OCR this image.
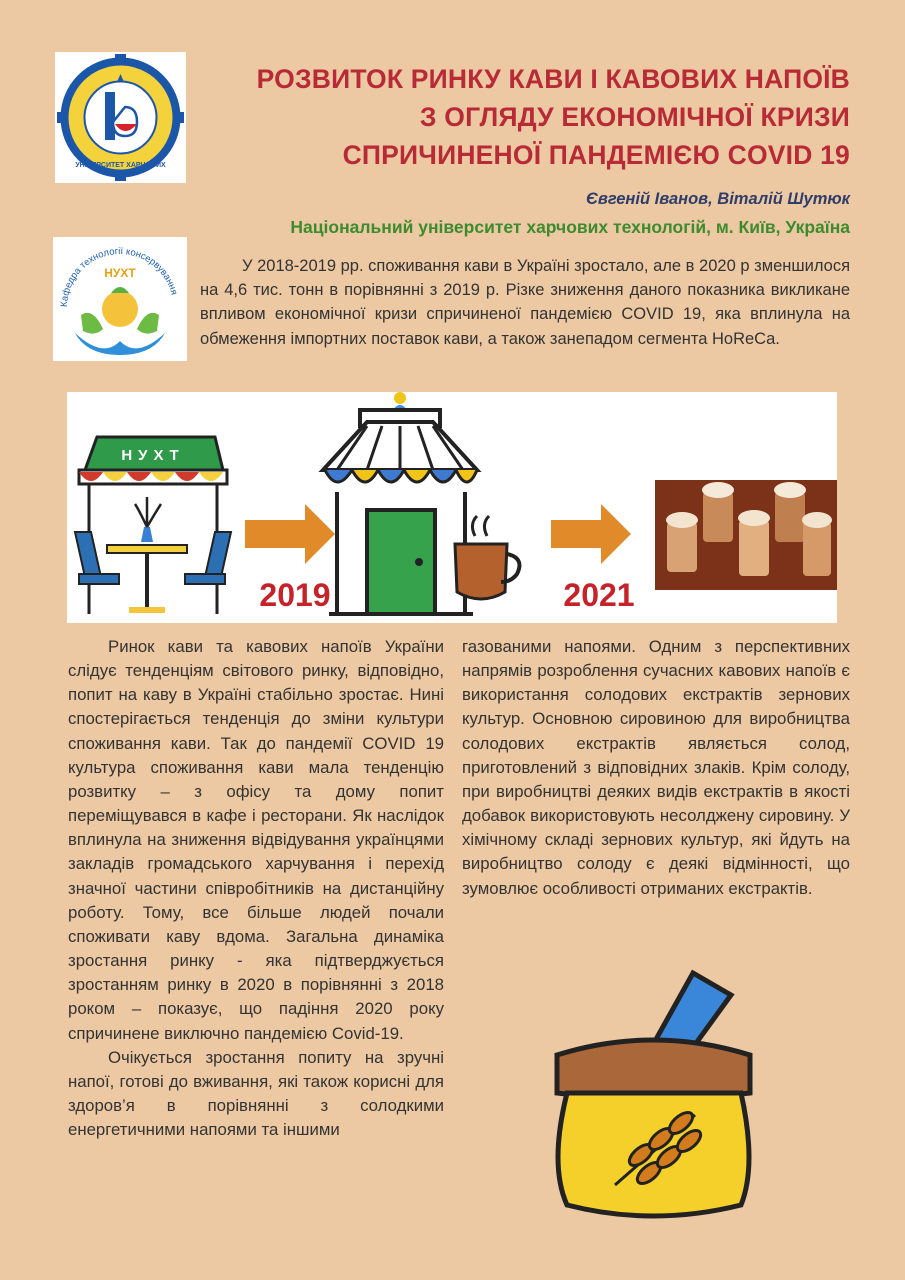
УНІВЕРСИТЕТ ХАРЧОВИХ
РОЗВИТОК РИНКУ КАВИ І КАВОВИХ НАПОЇВ
З ОГЛЯДУ ЕКОНОМІЧНОЇ КРИЗИ
СПРИЧИНЕНОЇ ПАНДЕМІЄЮ COVID 19
Євгеній Іванов, Віталій Шутюк
Національний університет харчових технологій, м. Київ, Україна
Кафедра технології консервування
НУХТ	У 2018-2019 рр. споживання кави в Україні зростало, але в 2020 р зменшилося на 4,6 тис. тонн в порівнянні з 2019 р. Різке зниження даного показника викликане впливом економічної кризи спричиненої пандемією COVID 19, яка вплинула на обмеження імпортних поставок кави, а також занепадом сегмента HoReCa.
НУХТ
2019	2021

Ринок кави та кавових напоїв України слідує тенденціям світового ринку, відповідно, попит на каву в Україні стабільно зростає. Нині спостерігається тенденція до зміни культури споживання кави. Так до пандемії COVID 19 культура споживання кави мала тенденцію розвитку – з офісу та дому попит переміщувався в кафе і ресторани. Як наслідок вплинула на зниження відвідування українцями закладів громадського харчування і перехід значної частини співробітників на дистанційну роботу. Тому, все більше людей почали споживати каву вдома. Загальна динаміка зростання ринку - яка підтверджується зростанням ринку в 2020 в порівнянні з 2018 роком – показує, що падіння 2020 року спричинене виключно пандемією Covid-19.

Очікується зростання попиту на зручні напої, готові до вживання, які також корисні для здоров’я в порівнянні з солодкими енергетичними напоями та іншими

газованими напоями. Одним з перспективних напрямів розроблення сучасних кавових напоїв є використання солодових екстрактів зернових культур. Основною сировиною для виробництва солодових екстрактів являється солод, приготовлений з відповідних злаків. Крім солоду, при виробництві деяких видів екстрактів в якості добавок використовують несолджену сировину. У хімічному складі зернових культур, які йдуть на виробництво солоду є деякі відмінності, що зумовлює особливості отриманих екстрактів.
